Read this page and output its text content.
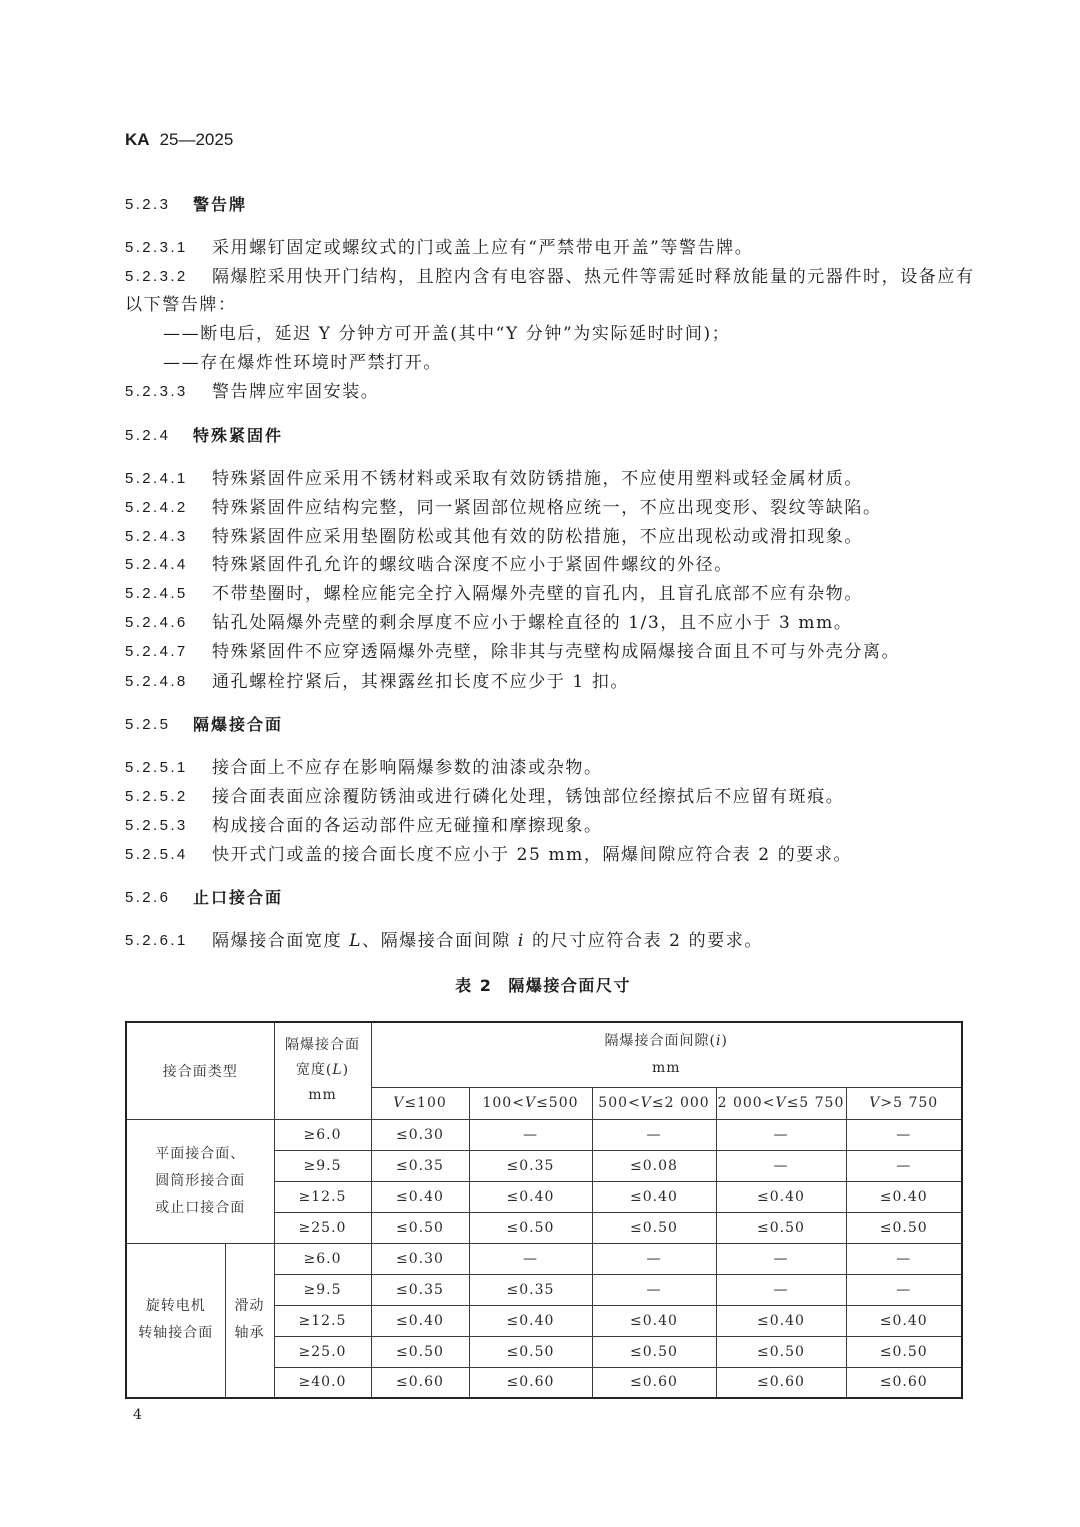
KA 25—2025
5.2.3 警告牌
5.2.3.1 采用螺钉固定或螺纹式的门或盖上应有“严禁带电开盖”等警告牌。
5.2.3.2 隔爆腔采用快开门结构，且腔内含有电容器、热元件等需延时释放能量的元器件时，设备应有
以下警告牌：
——断电后，延迟 Y 分钟方可开盖(其中“Y 分钟”为实际延时时间)；
——存在爆炸性环境时严禁打开。
5.2.3.3 警告牌应牢固安装。
5.2.4 特殊紧固件
5.2.4.1 特殊紧固件应采用不锈材料或采取有效防锈措施，不应使用塑料或轻金属材质。
5.2.4.2 特殊紧固件应结构完整，同一紧固部位规格应统一，不应出现变形、裂纹等缺陷。
5.2.4.3 特殊紧固件应采用垫圈防松或其他有效的防松措施，不应出现松动或滑扣现象。
5.2.4.4 特殊紧固件孔允许的螺纹啮合深度不应小于紧固件螺纹的外径。
5.2.4.5 不带垫圈时，螺栓应能完全拧入隔爆外壳壁的盲孔内，且盲孔底部不应有杂物。
5.2.4.6 钻孔处隔爆外壳壁的剩余厚度不应小于螺栓直径的 1/3，且不应小于 3 mm。
5.2.4.7 特殊紧固件不应穿透隔爆外壳壁，除非其与壳壁构成隔爆接合面且不可与外壳分离。
5.2.4.8 通孔螺栓拧紧后，其裸露丝扣长度不应少于 1 扣。
5.2.5 隔爆接合面
5.2.5.1 接合面上不应存在影响隔爆参数的油漆或杂物。
5.2.5.2 接合面表面应涂覆防锈油或进行磷化处理，锈蚀部位经擦拭后不应留有斑痕。
5.2.5.3 构成接合面的各运动部件应无碰撞和摩擦现象。
5.2.5.4 快开式门或盖的接合面长度不应小于 25 mm，隔爆间隙应符合表 2 的要求。
5.2.6 止口接合面
5.2.6.1 隔爆接合面宽度 L、隔爆接合面间隙 i 的尺寸应符合表 2 的要求。
表 2 隔爆接合面尺寸
接合面类型		隔爆接合面
宽度(L)
mm	隔爆接合面间隙(i)
mm				

			V≤100	100<V≤500	500<V≤2 000	2 000<V≤5 750	V>5 750

平面接合面、
圆筒形接合面
或止口接合面		≥6.0	≤0.30	—	—	—	—
		≥9.5	≤0.35	≤0.35	≤0.08	—	—
		≥12.5	≤0.40	≤0.40	≤0.40	≤0.40	≤0.40
		≥25.0	≤0.50	≤0.50	≤0.50	≤0.50	≤0.50

旋转电机
转轴接合面	滑动
轴承	≥6.0	≤0.30	—	—	—	—
		≥9.5	≤0.35	≤0.35	—	—	—
		≥12.5	≤0.40	≤0.40	≤0.40	≤0.40	≤0.40
		≥25.0	≤0.50	≤0.50	≤0.50	≤0.50	≤0.50
		≥40.0	≤0.60	≤0.60	≤0.60	≤0.60	≤0.60
4
